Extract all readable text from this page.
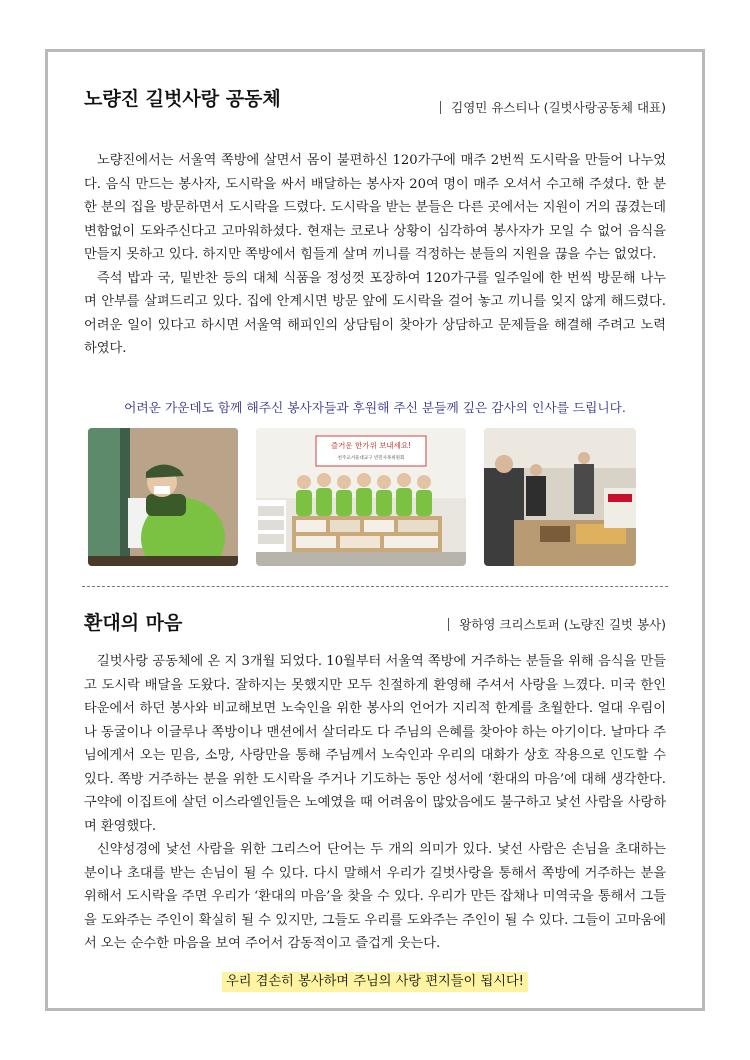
노량진 길벗사랑 공동체	김영민 유스티나 (길벗사랑공동체 대표)

노량진에서는 서울역 쪽방에 살면서 몸이 불편하신 120가구에 매주 2번씩 도시락을 만들어 나누었다. 음식 만드는 봉사자, 도시락을 싸서 배달하는 봉사자 20여 명이 매주 오셔서 수고해 주셨다. 한 분 한 분의 집을 방문하면서 도시락을 드렸다. 도시락을 받는 분들은 다른 곳에서는 지원이 거의 끊겼는데 변함없이 도와주신다고 고마워하셨다. 현재는 코로나 상황이 심각하여 봉사자가 모일 수 없어 음식을 만들지 못하고 있다. 하지만 쪽방에서 힘들게 살며 끼니를 걱정하는 분들의 지원을 끊을 수는 없었다.

즉석 밥과 국, 밑반찬 등의 대체 식품을 정성껏 포장하여 120가구를 일주일에 한 번씩 방문해 나누며 안부를 살펴드리고 있다. 집에 안계시면 방문 앞에 도시락을 걸어 놓고 끼니를 잊지 않게 해드렸다. 어려운 일이 있다고 하시면 서울역 해피인의 상담팀이 찾아가 상담하고 문제들을 해결해 주려고 노력하였다.

어려운 가운데도 함께 해주신 봉사자들과 후원해 주신 분들께 깊은 감사의 인사를 드립니다.
즐거운 한가위 보내세요!
천주교서울대교구 빈민사목위원회
환대의 마음	왕하영 크리스토퍼 (노량진 길벗 봉사)

길벗사랑 공동체에 온 지 3개월 되었다. 10월부터 서울역 쪽방에 거주하는 분들을 위해 음식을 만들고 도시락 배달을 도왔다. 잘하지는 못했지만 모두 친절하게 환영해 주셔서 사랑을 느꼈다. 미국 한인타운에서 하던 봉사와 비교해보면 노숙인을 위한 봉사의 언어가 지리적 한계를 초월한다. 얼대 우림이나 동굴이나 이글루나 쪽방이나 맨션에서 살더라도 다 주님의 은혜를 찾아야 하는 아기이다. 날마다 주님에게서 오는 믿음, 소망, 사랑만을 통해 주님께서 노숙인과 우리의 대화가 상호 작용으로 인도할 수 있다. 쪽방 거주하는 분을 위한 도시락을 주거나 기도하는 동안 성서에 ‘환대의 마음’에 대해 생각한다. 구약에 이집트에 살던 이스라엘인들은 노예였을 때 어려움이 많았음에도 불구하고 낯선 사람을 사랑하며 환영했다.

신약성경에 낯선 사람을 위한 그리스어 단어는 두 개의 의미가 있다. 낯선 사람은 손님을 초대하는 분이나 초대를 받는 손님이 될 수 있다. 다시 말해서 우리가 길벗사랑을 통해서 쪽방에 거주하는 분을 위해서 도시락을 주면 우리가 ‘환대의 마음’을 찾을 수 있다. 우리가 만든 잡채나 미역국을 통해서 그들을 도와주는 주인이 확실히 될 수 있지만, 그들도 우리를 도와주는 주인이 될 수 있다. 그들이 고마움에서 오는 순수한 마음을 보여 주어서 감동적이고 즐겁게 웃는다.

우리 겸손히 봉사하며 주님의 사랑 편지들이 됩시다!
